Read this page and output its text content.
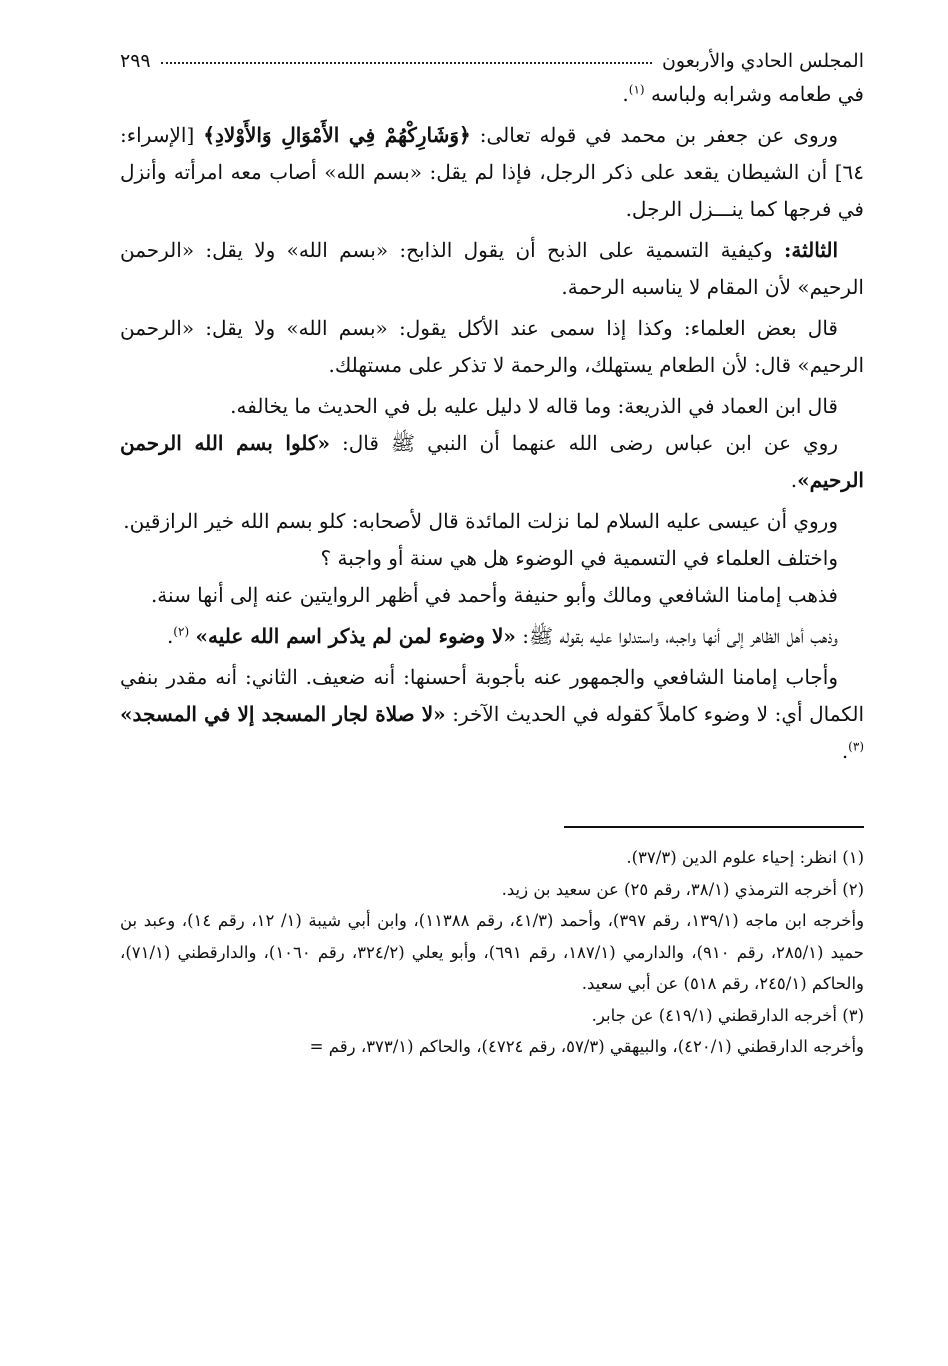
المجلس الحادي والأربعون
٢٩٩

في طعامه وشرابه ولباسه $^{(١)}$.

وروى عن جعفر بن محمد في قوله تعالى: ﴿وَشَارِكْهُمْ فِي الأَمْوَالِ وَالأَوْلادِ﴾ [الإسراء: ٦٤] أن الشيطان يقعد على ذكر الرجل، فإذا لم يقل: «بسم الله» أصاب معه امرأته وأنزل في فرجها كما ينـــزل الرجل.

الثالثة: وكيفية التسمية على الذبح أن يقول الذابح: «بسم الله» ولا يقل: «الرحمن الرحيم» لأن المقام لا يناسبه الرحمة.

قال بعض العلماء: وكذا إذا سمى عند الأكل يقول: «بسم الله» ولا يقل: «الرحمن الرحيم» قال: لأن الطعام يستهلك، والرحمة لا تذكر على مستهلك.

قال ابن العماد في الذريعة: وما قاله لا دليل عليه بل في الحديث ما يخالفه.

روي عن ابن عباس رضى الله عنهما أن النبي ﷺ قال: «كلوا بسم الله الرحمن الرحيم».

وروي أن عيسى عليه السلام لما نزلت المائدة قال لأصحابه: كلو بسم الله خير الرازقين.

واختلف العلماء في التسمية في الوضوء هل هي سنة أو واجبة ؟

فذهب إمامنا الشافعي ومالك وأبو حنيفة وأحمد في أظهر الروايتين عنه إلى أنها سنة.

وذهب أهل الظاهر إلى أنها واجبه، واستدلوا عليه بقوله ﷺ: «لا وضوء لمن لم يذكر اسم الله عليه» $^{(٢)}$.

وأجاب إمامنا الشافعي والجمهور عنه بأجوبة أحسنها: أنه ضعيف. الثاني: أنه مقدر بنفي الكمال أي: لا وضوء كاملاً كقوله في الحديث الآخر: «لا صلاة لجار المسجد إلا في المسجد» $^{(٣)}$.

(١) انظر: إحياء علوم الدين (٣٧/٣).

(٢) أخرجه الترمذي (٣٨/١، رقم ٢٥) عن سعيد بن زيد.

وأخرجه ابن ماجه (١٣٩/١، رقم ٣٩٧)، وأحمد (٤١/٣، رقم ١١٣٨٨)، وابن أبي شيبة (١/ ١٢، رقم ١٤)، وعبد بن حميد (٢٨٥/١، رقم ٩١٠)، والدارمي (١٨٧/١، رقم ٦٩١)، وأبو يعلي (٣٢٤/٢، رقم ١٠٦٠)، والدارقطني (٧١/١)، والحاكم (٢٤٥/١، رقم ٥١٨) عن أبي سعيد.

(٣) أخرجه الدارقطني (٤١٩/١) عن جابر.

وأخرجه الدارقطني (٤٢٠/١)، والبيهقي (٥٧/٣، رقم ٤٧٢٤)، والحاكم (٣٧٣/١، رقم =
